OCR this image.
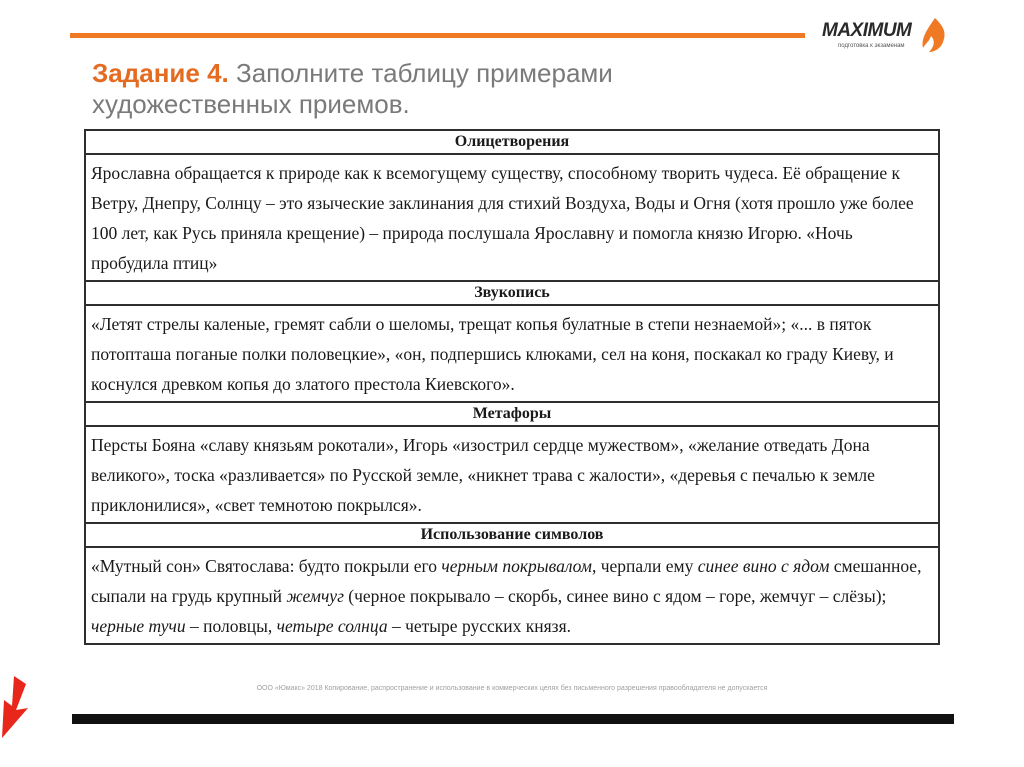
MAXIMUM
подготовка к экзаменам
Задание 4. Заполните таблицу примерами художественных приемов.
Олицетворения
Ярославна обращается к природе как к всемогущему существу, способному творить чудеса. Её обращение к Ветру, Днепру, Солнцу – это языческие заклинания для стихий Воздуха, Воды и Огня (хотя прошло уже более 100 лет, как Русь приняла крещение) – природа послушала Ярославну и помогла князю Игорю. «Ночь пробудила птиц»
Звукопись
«Летят стрелы каленые, гремят сабли о шеломы, трещат копья булатные в степи незнаемой»; «... в пяток потопташа поганые полки половецкие», «он, подпершись клюками, сел на коня, поскакал ко граду Киеву, и коснулся древком копья до златого престола Киевского».
Метафоры
Персты Бояна «славу князьям рокотали», Игорь «изострил сердце мужеством», «желание отведать Дона великого», тоска «разливается» по Русской земле, «никнет трава с жалости», «деревья с печалью к земле приклонилися», «свет темнотою покрылся».
Использование символов
«Мутный сон» Святослава: будто покрыли его черным покрывалом, черпали ему синее вино с ядом смешанное, сыпали на грудь крупный жемчуг (черное покрывало – скорбь, синее вино с ядом – горе, жемчуг – слёзы); черные тучи – половцы, четыре солнца – четыре русских князя.
ООО «Юмакс» 2018 Копирование, распространение и использование в коммерческих целях без письменного разрешения правообладателя не допускается
